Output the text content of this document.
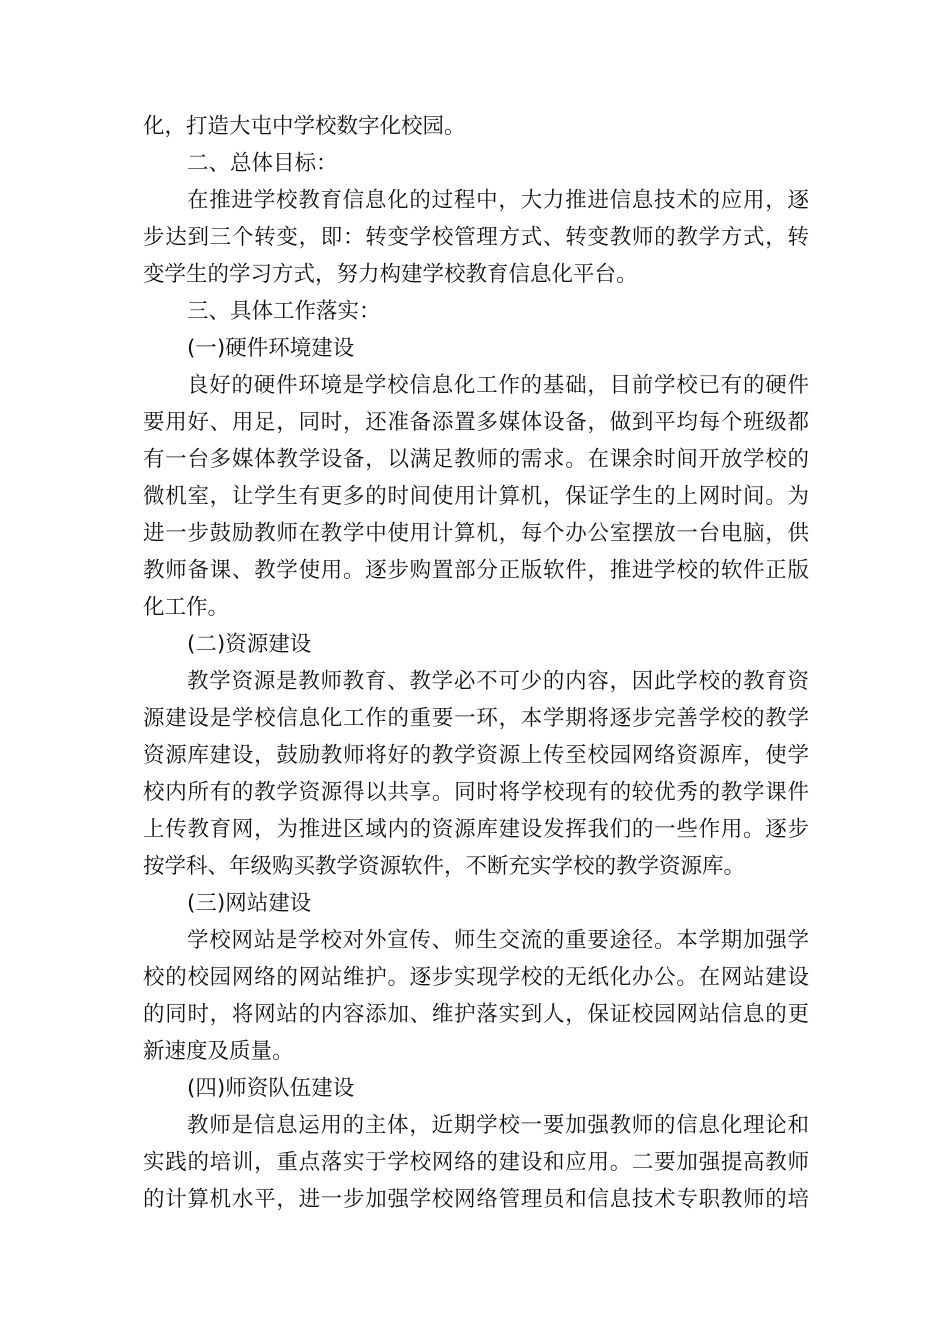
化，打造大屯中学校数字化校园。
二、总体目标：
在推进学校教育信息化的过程中，大力推进信息技术的应用，逐
步达到三个转变，即：转变学校管理方式、转变教师的教学方式，转
变学生的学习方式，努力构建学校教育信息化平台。
三、具体工作落实：
(一)硬件环境建设
良好的硬件环境是学校信息化工作的基础，目前学校已有的硬件
要用好、用足，同时，还准备添置多媒体设备，做到平均每个班级都
有一台多媒体教学设备，以满足教师的需求。在课余时间开放学校的
微机室，让学生有更多的时间使用计算机，保证学生的上网时间。为
进一步鼓励教师在教学中使用计算机，每个办公室摆放一台电脑，供
教师备课、教学使用。逐步购置部分正版软件，推进学校的软件正版
化工作。
(二)资源建设
教学资源是教师教育、教学必不可少的内容，因此学校的教育资
源建设是学校信息化工作的重要一环，本学期将逐步完善学校的教学
资源库建设，鼓励教师将好的教学资源上传至校园网络资源库，使学
校内所有的教学资源得以共享。同时将学校现有的较优秀的教学课件
上传教育网，为推进区域内的资源库建设发挥我们的一些作用。逐步
按学科、年级购买教学资源软件，不断充实学校的教学资源库。
(三)网站建设
学校网站是学校对外宣传、师生交流的重要途径。本学期加强学
校的校园网络的网站维护。逐步实现学校的无纸化办公。在网站建设
的同时，将网站的内容添加、维护落实到人，保证校园网站信息的更
新速度及质量。
(四)师资队伍建设
教师是信息运用的主体，近期学校一要加强教师的信息化理论和
实践的培训，重点落实于学校网络的建设和应用。二要加强提高教师
的计算机水平，进一步加强学校网络管理员和信息技术专职教师的培
